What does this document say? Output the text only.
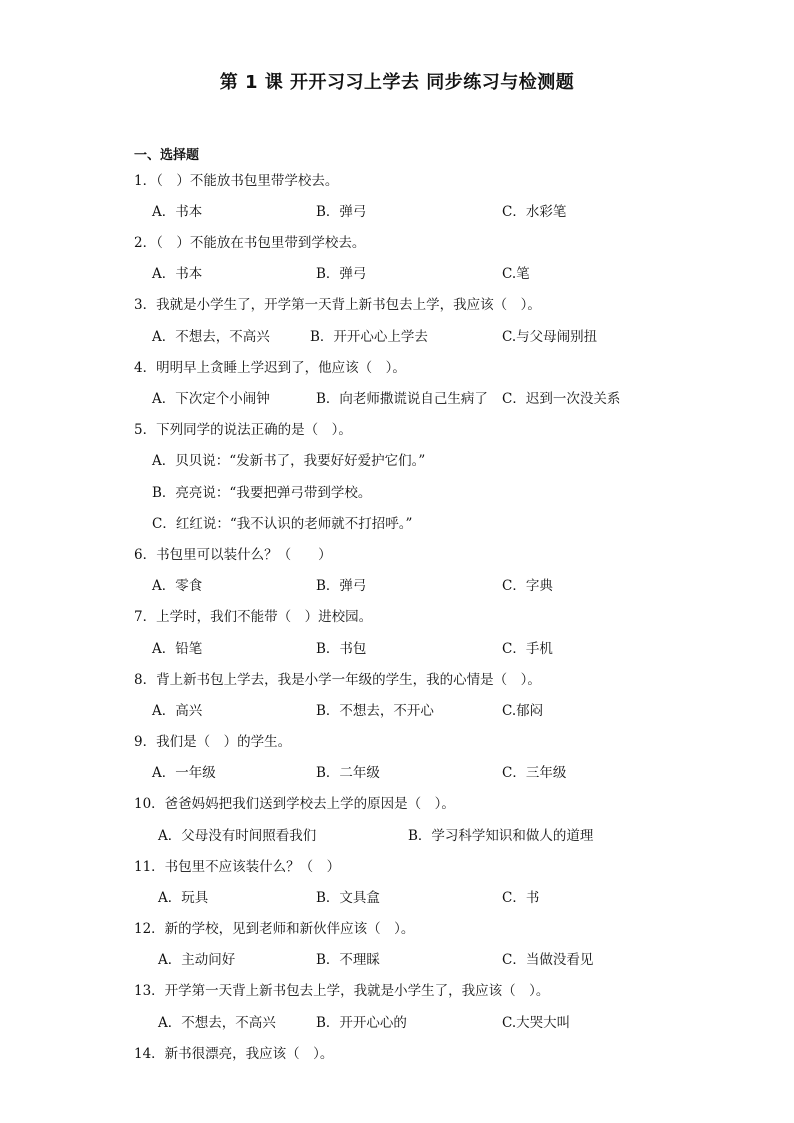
第 1 课 开开习习上学去 同步练习与检测题
一、选择题
1．（　）不能放书包里带学校去。
A．书本	B．弹弓	C．水彩笔
2．（　）不能放在书包里带到学校去。
A．书本	B．弹弓	C.笔
3．我就是小学生了，开学第一天背上新书包去上学，我应该（　）。
A．不想去，不高兴	B．开开心心上学去	C.与父母闹别扭
4．明明早上贪睡上学迟到了，他应该（　）。
A．下次定个小闹钟	B．向老师撒谎说自己生病了 C．迟到一次没关系
5．下列同学的说法正确的是（　）。
A．贝贝说：“发新书了，我要好好爱护它们。”
B．亮亮说：“我要把弹弓带到学校。
C．红红说：“我不认识的老师就不打招呼。”
6．书包里可以装什么？（　　）
A．零食	B．弹弓	C．字典
7．上学时，我们不能带（　）进校园。
A．铅笔	B．书包	C．手机
8．背上新书包上学去，我是小学一年级的学生，我的心情是（　）。
A．高兴	B．不想去，不开心	C.郁闷
9．我们是（　）的学生。
A．一年级	B．二年级	C．三年级
10．爸爸妈妈把我们送到学校去上学的原因是（　）。
A．父母没有时间照看我们	B．学习科学知识和做人的道理
11．书包里不应该装什么？（　）
A．玩具	B．文具盒	C．书
12．新的学校，见到老师和新伙伴应该（　）。
A．主动问好	B．不理睬	C．当做没看见
13．开学第一天背上新书包去上学，我就是小学生了，我应该（　）。
A．不想去，不高兴	B．开开心心的	C.大哭大叫
14．新书很漂亮，我应该（　）。
